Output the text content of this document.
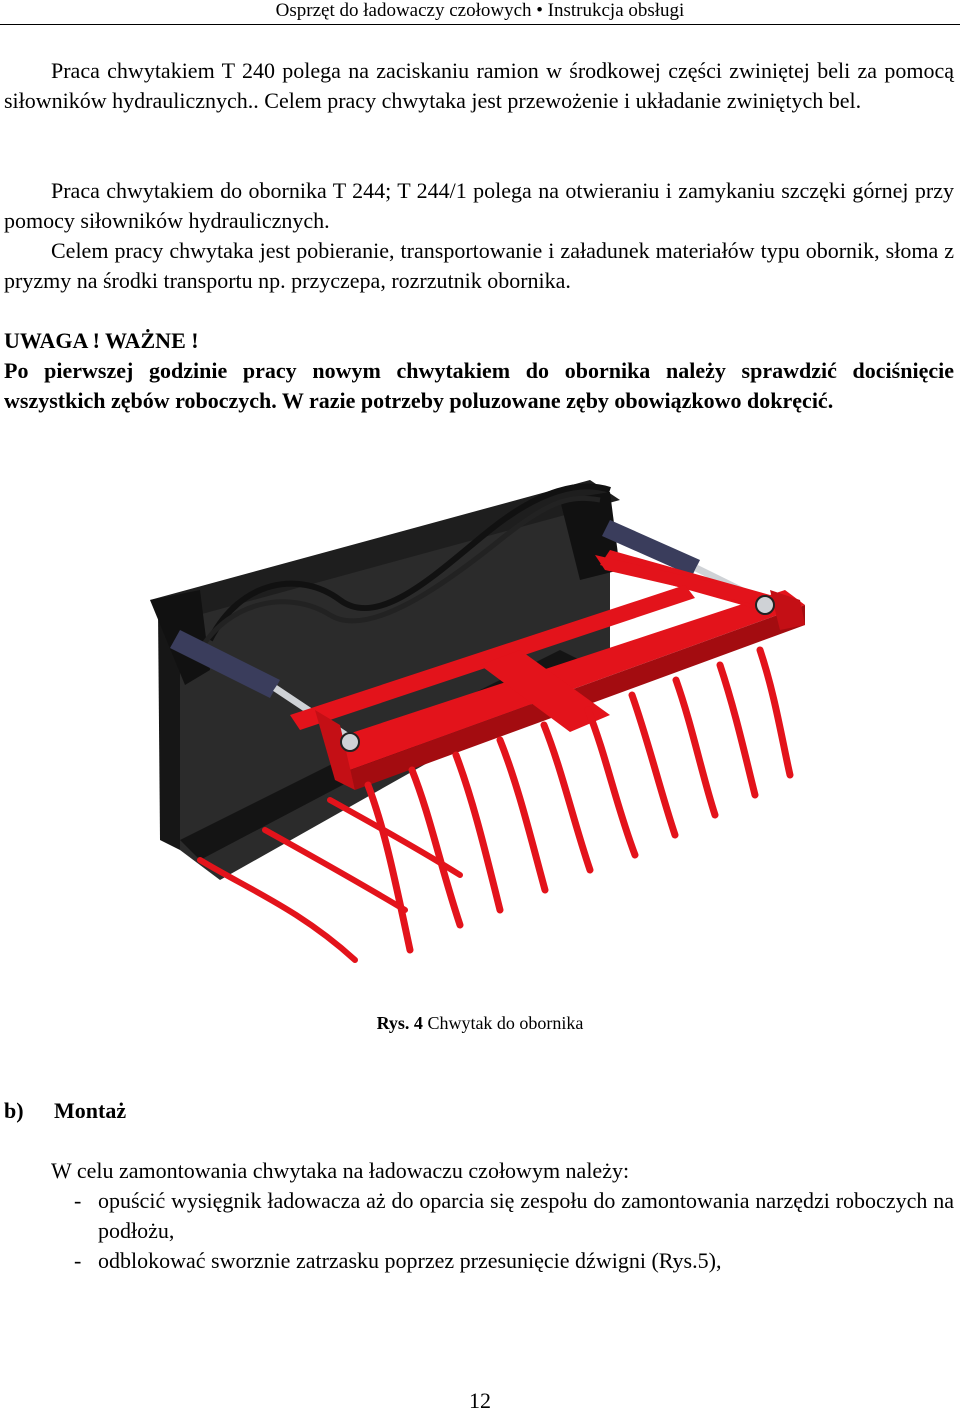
Osprzęt do ładowaczy czołowych • Instrukcja obsługi

Praca chwytakiem T 240 polega na zaciskaniu ramion w środkowej części zwiniętej beli za pomocą siłowników hydraulicznych.. Celem pracy chwytaka jest przewożenie i układanie zwiniętych bel.

Praca chwytakiem do obornika T 244; T 244/1 polega na otwieraniu i zamykaniu szczęki górnej przy pomocy siłowników hydraulicznych.

Celem pracy chwytaka jest pobieranie, transportowanie i załadunek materiałów typu obornik, słoma z pryzmy na środki transportu np. przyczepa, rozrzutnik obornika.

UWAGA ! WAŻNE !

Po pierwszej godzinie pracy nowym chwytakiem do obornika należy sprawdzić dociśnięcie wszystkich zębów roboczych. W razie potrzeby poluzowane zęby obowiązkowo dokręcić.

Rys. 4 Chwytak do obornika
b) Montaż

W celu zamontowania chwytaka na ładowaczu czołowym należy:

- opuścić wysięgnik ładowacza aż do oparcia się zespołu do zamontowania narzędzi roboczych na podłożu,
- odblokować sworznie zatrzasku poprzez przesunięcie dźwigni (Rys.5),
12
